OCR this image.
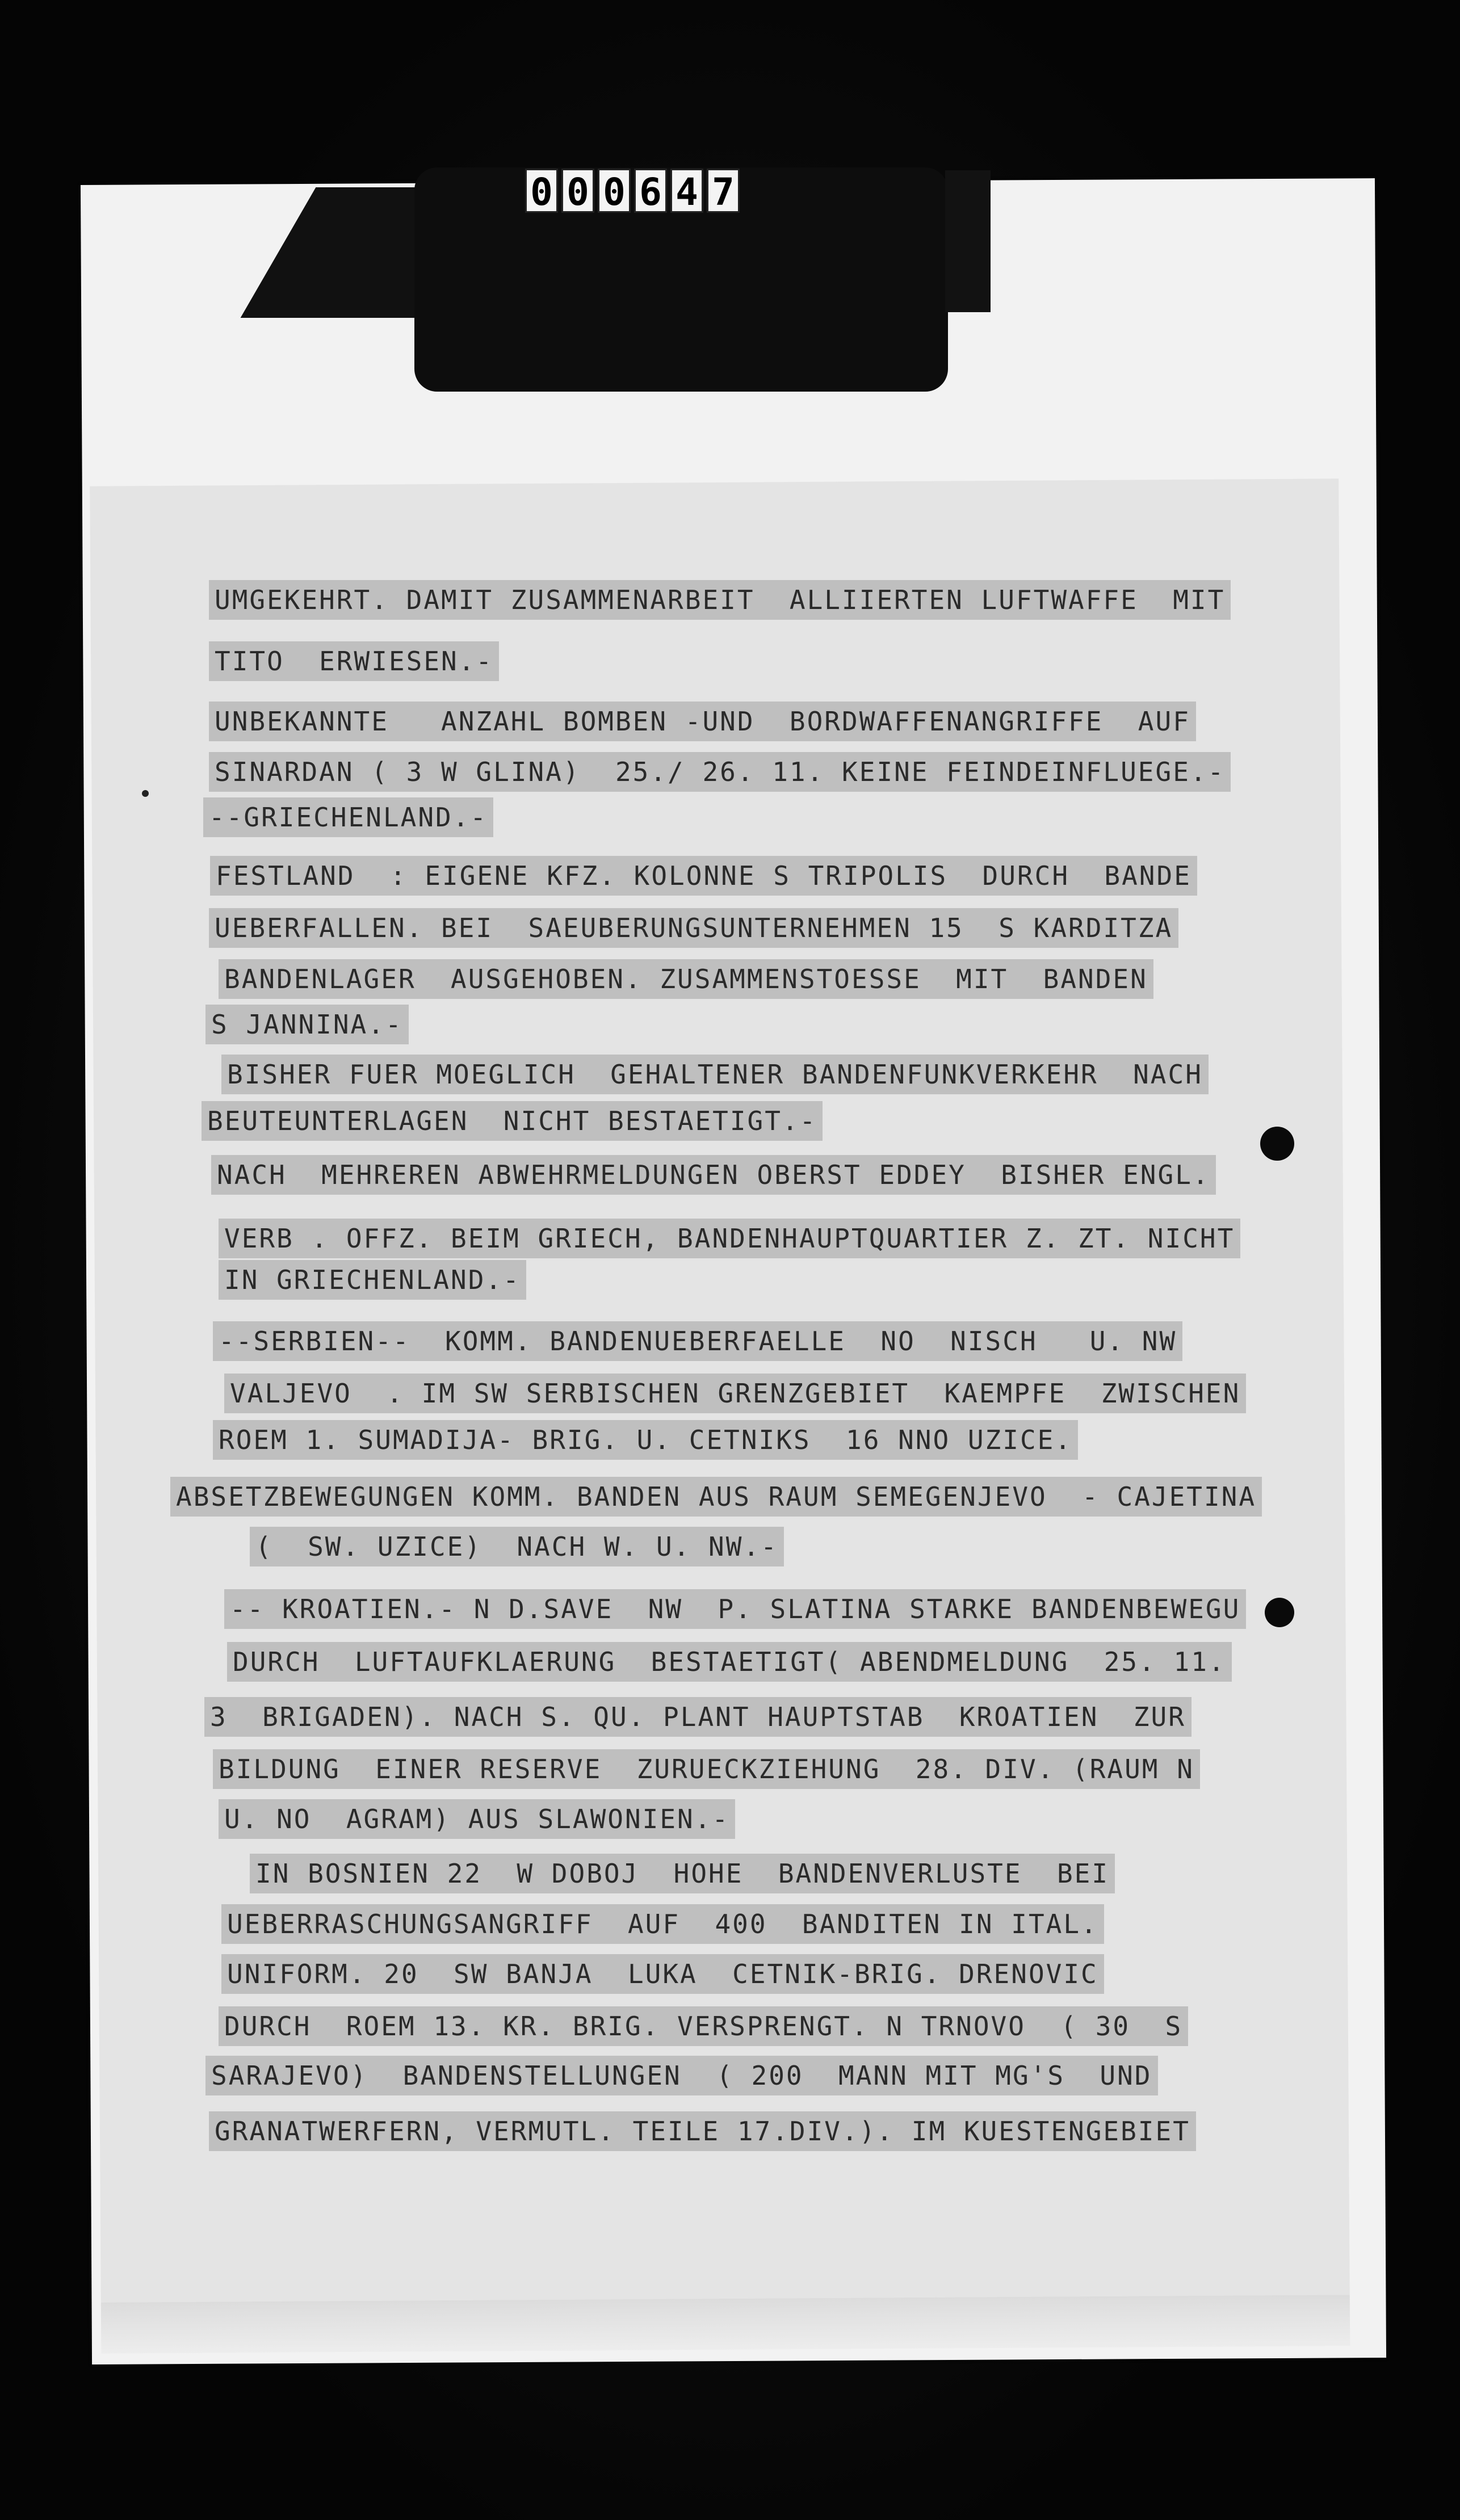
0 0 0 6 4 7
UMGEKEHRT. DAMIT ZUSAMMENARBEIT  ALLIIERTEN LUFTWAFFE  MIT
TITO  ERWIESEN.-
UNBEKANNTE   ANZAHL BOMBEN -UND  BORDWAFFENANGRIFFE  AUF
SINARDAN ( 3 W GLINA)  25./ 26. 11. KEINE FEINDEINFLUEGE.-
--GRIECHENLAND.-
FESTLAND  : EIGENE KFZ. KOLONNE S TRIPOLIS  DURCH  BANDE
UEBERFALLEN. BEI  SAEUBERUNGSUNTERNEHMEN 15  S KARDITZA
BANDENLAGER  AUSGEHOBEN. ZUSAMMENSTOESSE  MIT  BANDEN
S JANNINA.-
BISHER FUER MOEGLICH  GEHALTENER BANDENFUNKVERKEHR  NACH
BEUTEUNTERLAGEN  NICHT BESTAETIGT.-
NACH  MEHREREN ABWEHRMELDUNGEN OBERST EDDEY  BISHER ENGL.
VERB . OFFZ. BEIM GRIECH, BANDENHAUPTQUARTIER Z. ZT. NICHT
IN GRIECHENLAND.-
--SERBIEN--  KOMM. BANDENUEBERFAELLE  NO  NISCH   U. NW
VALJEVO  . IM SW SERBISCHEN GRENZGEBIET  KAEMPFE  ZWISCHEN
ROEM 1. SUMADIJA- BRIG. U. CETNIKS  16 NNO UZICE.
ABSETZBEWEGUNGEN KOMM. BANDEN AUS RAUM SEMEGENJEVO  - CAJETINA
(  SW. UZICE)  NACH W. U. NW.-
-- KROATIEN.- N D.SAVE  NW  P. SLATINA STARKE BANDENBEWEGU
DURCH  LUFTAUFKLAERUNG  BESTAETIGT( ABENDMELDUNG  25. 11.
3  BRIGADEN). NACH S. QU. PLANT HAUPTSTAB  KROATIEN  ZUR
BILDUNG  EINER RESERVE  ZURUECKZIEHUNG  28. DIV. (RAUM N
U. NO  AGRAM) AUS SLAWONIEN.-
IN BOSNIEN 22  W DOBOJ  HOHE  BANDENVERLUSTE  BEI
UEBERRASCHUNGSANGRIFF  AUF  400  BANDITEN IN ITAL.
UNIFORM. 20  SW BANJA  LUKA  CETNIK-BRIG. DRENOVIC
DURCH  ROEM 13. KR. BRIG. VERSPRENGT. N TRNOVO  ( 30  S
SARAJEVO)  BANDENSTELLUNGEN  ( 200  MANN MIT MG'S  UND
GRANATWERFERN, VERMUTL. TEILE 17.DIV.). IM KUESTENGEBIET
